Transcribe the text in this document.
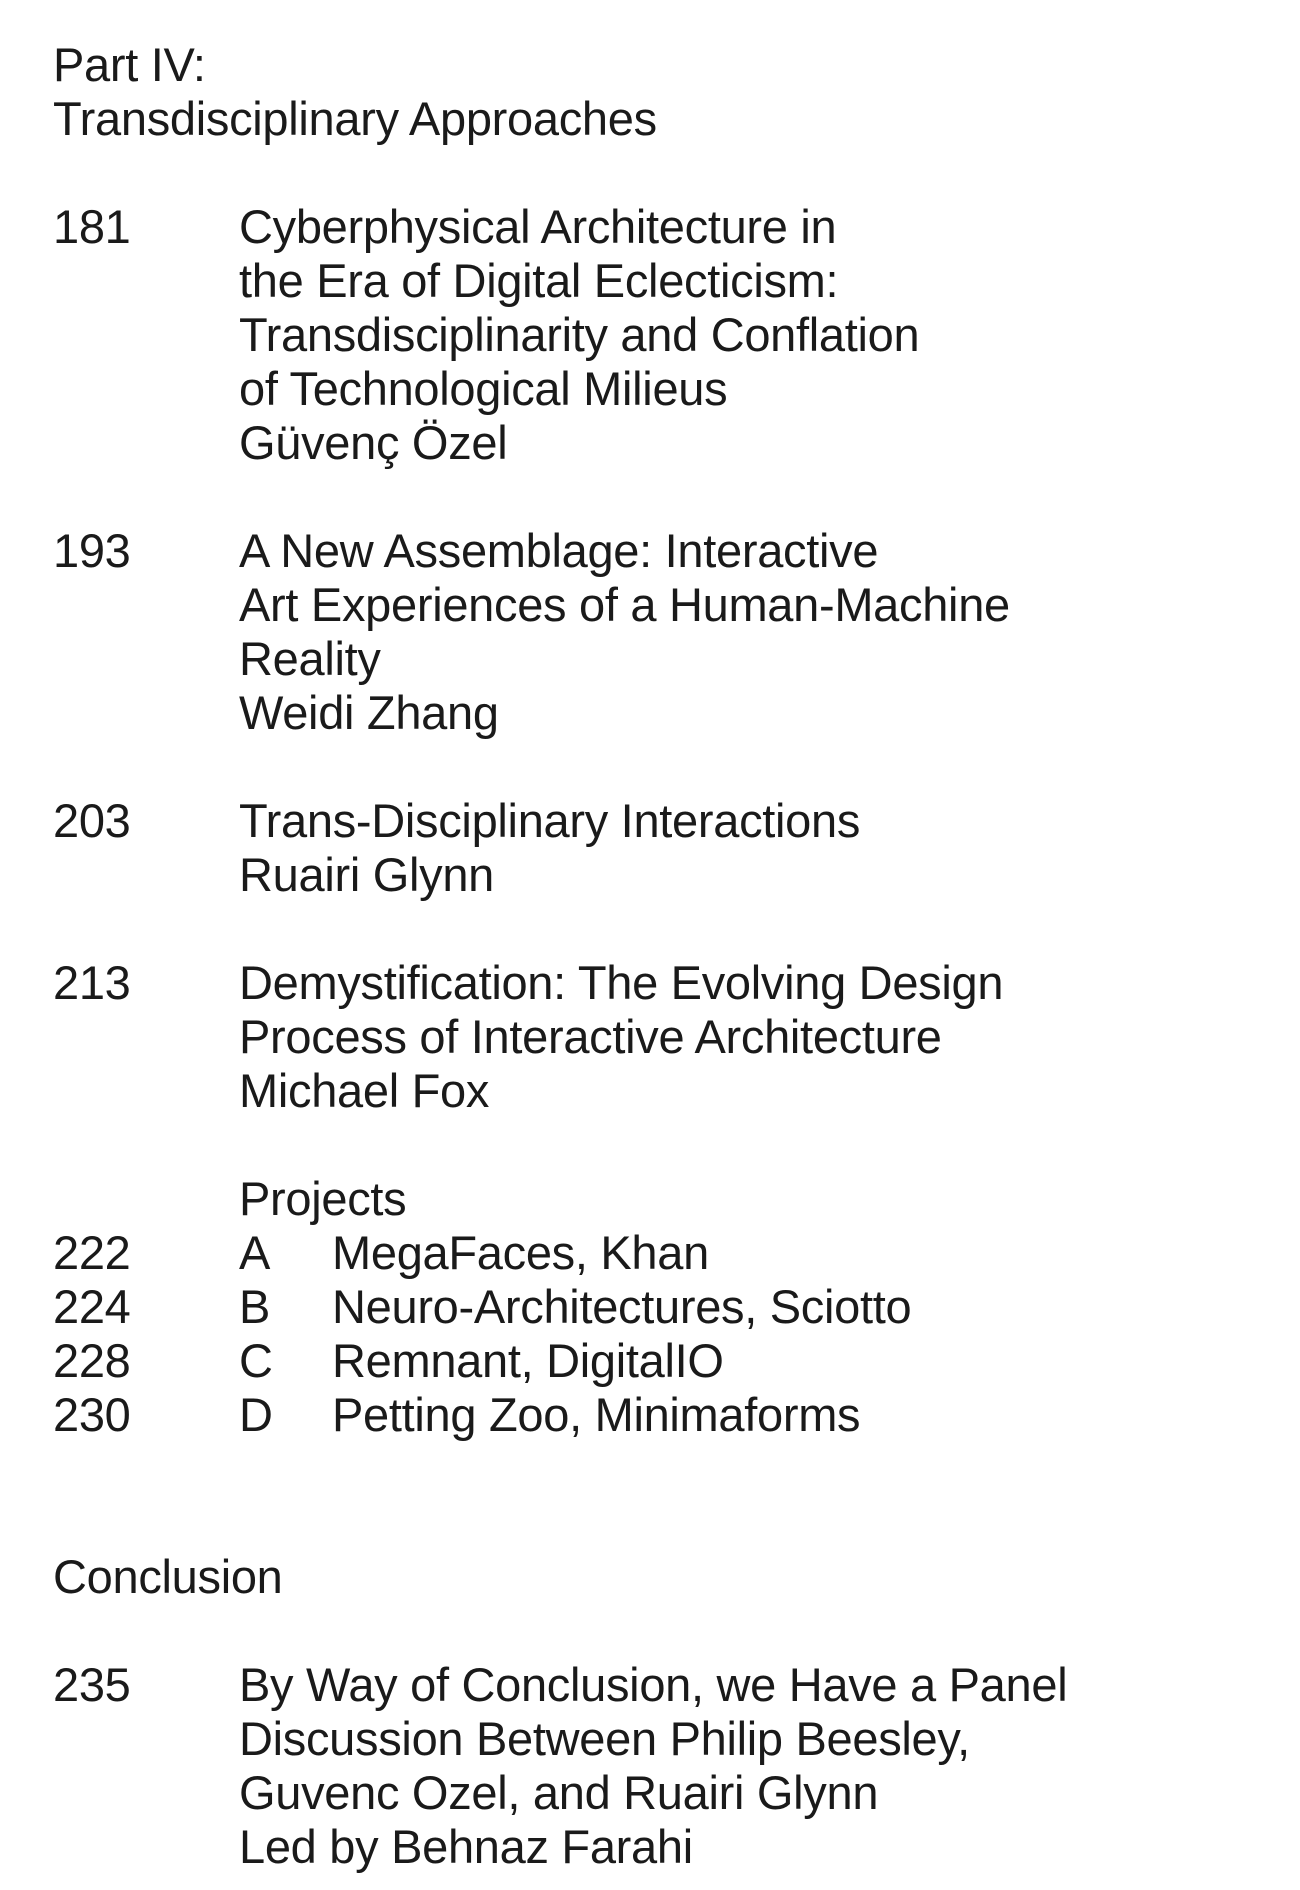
Part IV:
Transdisciplinary Approaches
181	Cyberphysical Architecture in
the Era of Digital Eclecticism:
Transdisciplinarity and Conflation
of Technological Milieus
Güvenç Özel
193	A New Assemblage: Interactive
Art Experiences of a Human-Machine
Reality
Weidi Zhang
203	Trans-Disciplinary Interactions
Ruairi Glynn
213	Demystification: The Evolving Design
Process of Interactive Architecture
Michael Fox
Projects
222	A	MegaFaces, Khan
224	B	Neuro-Architectures, Sciotto
228	C	Remnant, DigitalIO
230	D	Petting Zoo, Minimaforms
Conclusion
235	By Way of Conclusion, we Have a Panel
Discussion Between Philip Beesley,
Guvenc Ozel, and Ruairi Glynn
Led by Behnaz Farahi
